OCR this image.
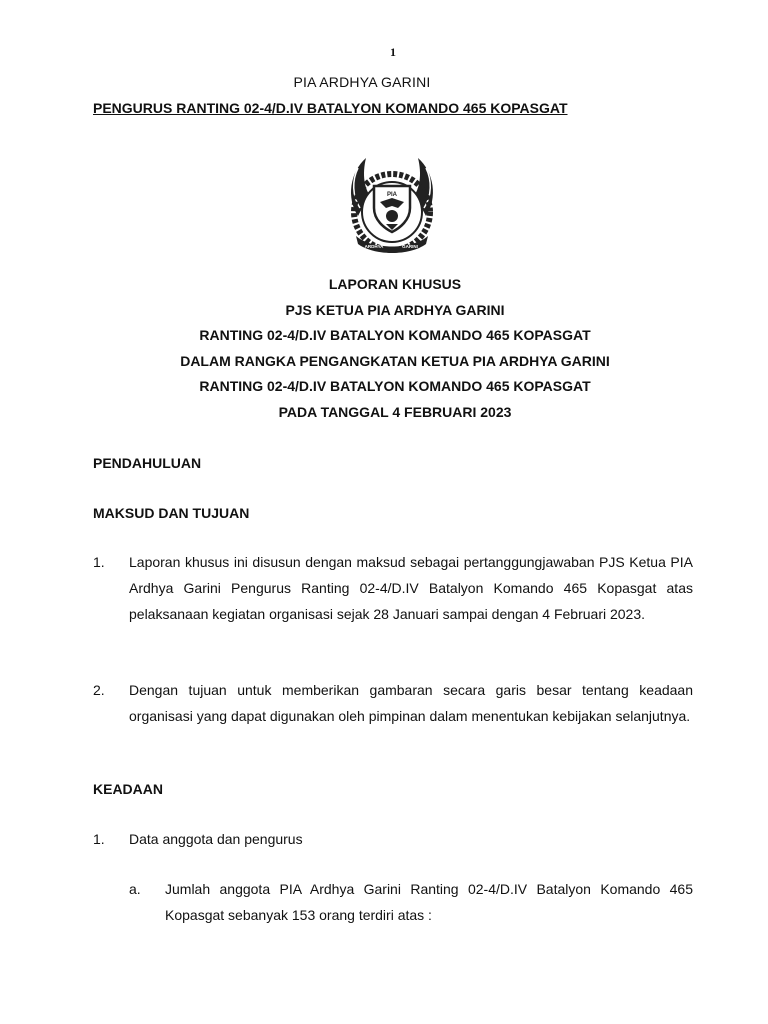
1
PIA ARDHYA GARINI
PENGURUS RANTING 02-4/D.IV BATALYON KOMANDO 465 KOPASGAT
PIA
ARDHYA	GARINI
LAPORAN KHUSUS
PJS KETUA PIA ARDHYA GARINI
RANTING 02-4/D.IV BATALYON KOMANDO 465 KOPASGAT
DALAM RANGKA PENGANGKATAN KETUA PIA ARDHYA GARINI
RANTING 02-4/D.IV BATALYON KOMANDO 465 KOPASGAT
PADA TANGGAL 4 FEBRUARI 2023
PENDAHULUAN
MAKSUD DAN TUJUAN
1. Laporan khusus ini disusun dengan maksud sebagai pertanggungjawaban PJS Ketua PIA Ardhya Garini Pengurus Ranting 02-4/D.IV Batalyon Komando 465 Kopasgat atas pelaksanaan kegiatan organisasi sejak 28 Januari sampai dengan 4 Februari 2023.
2. Dengan tujuan untuk memberikan gambaran secara garis besar tentang keadaan organisasi yang dapat digunakan oleh pimpinan dalam menentukan kebijakan selanjutnya.
KEADAAN
1. Data anggota dan pengurus
a. Jumlah anggota PIA Ardhya Garini Ranting 02-4/D.IV Batalyon Komando 465 Kopasgat sebanyak 153 orang terdiri atas :
